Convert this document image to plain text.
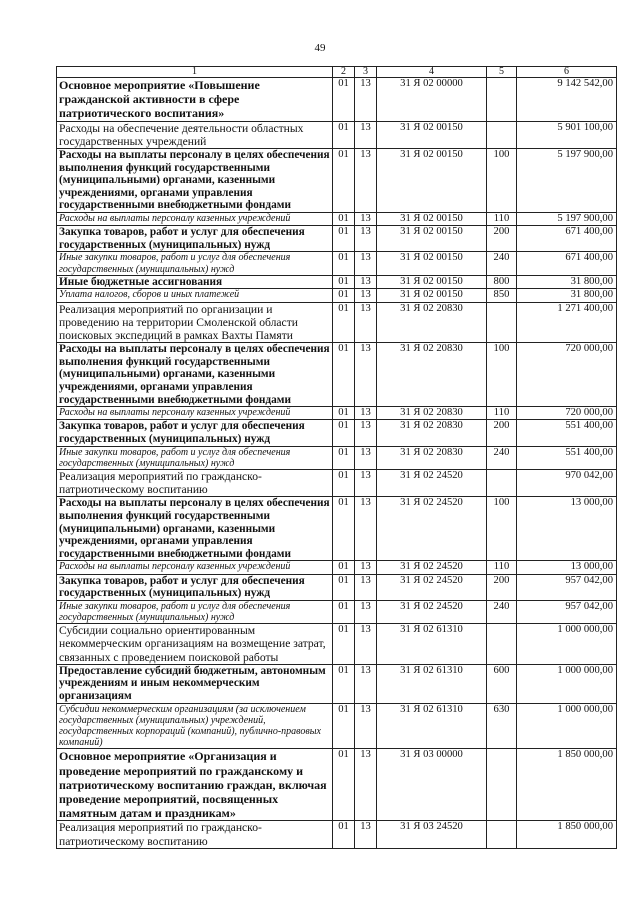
49
1	2	3	4	5	6
Основное мероприятие «Повышение гражданской активности в сфере патриотического воспитания»	01	13	31 Я 02 00000		9 142 542,00
Расходы на обеспечение деятельности областных государственных учреждений	01	13	31 Я 02 00150		5 901 100,00
Расходы на выплаты персоналу в целях обеспечения выполнения функций государственными (муниципальными) органами, казенными учреждениями, органами управления государственными внебюджетными фондами	01	13	31 Я 02 00150	100	5 197 900,00
Расходы на выплаты персоналу казенных учреждений	01	13	31 Я 02 00150	110	5 197 900,00
Закупка товаров, работ и услуг для обеспечения государственных (муниципальных) нужд	01	13	31 Я 02 00150	200	671 400,00
Иные закупки товаров, работ и услуг для обеспечения государственных (муниципальных) нужд	01	13	31 Я 02 00150	240	671 400,00
Иные бюджетные ассигнования	01	13	31 Я 02 00150	800	31 800,00
Уплата налогов, сборов и иных платежей	01	13	31 Я 02 00150	850	31 800,00
Реализация мероприятий по организации и проведению на территории Смоленской области поисковых экспедиций в рамках Вахты Памяти	01	13	31 Я 02 20830		1 271 400,00
Расходы на выплаты персоналу в целях обеспечения выполнения функций государственными (муниципальными) органами, казенными учреждениями, органами управления государственными внебюджетными фондами	01	13	31 Я 02 20830	100	720 000,00
Расходы на выплаты персоналу казенных учреждений	01	13	31 Я 02 20830	110	720 000,00
Закупка товаров, работ и услуг для обеспечения государственных (муниципальных) нужд	01	13	31 Я 02 20830	200	551 400,00
Иные закупки товаров, работ и услуг для обеспечения государственных (муниципальных) нужд	01	13	31 Я 02 20830	240	551 400,00
Реализация мероприятий по гражданско-патриотическому воспитанию	01	13	31 Я 02 24520		970 042,00
Расходы на выплаты персоналу в целях обеспечения выполнения функций государственными (муниципальными) органами, казенными учреждениями, органами управления государственными внебюджетными фондами	01	13	31 Я 02 24520	100	13 000,00
Расходы на выплаты персоналу казенных учреждений	01	13	31 Я 02 24520	110	13 000,00
Закупка товаров, работ и услуг для обеспечения государственных (муниципальных) нужд	01	13	31 Я 02 24520	200	957 042,00
Иные закупки товаров, работ и услуг для обеспечения государственных (муниципальных) нужд	01	13	31 Я 02 24520	240	957 042,00
Субсидии социально ориентированным некоммерческим организациям на возмещение затрат, связанных с проведением поисковой работы	01	13	31 Я 02 61310		1 000 000,00
Предоставление субсидий бюджетным, автономным учреждениям и иным некоммерческим организациям	01	13	31 Я 02 61310	600	1 000 000,00
Субсидии некоммерческим организациям (за исключением государственных (муниципальных) учреждений, государственных корпораций (компаний), публично-правовых компаний)	01	13	31 Я 02 61310	630	1 000 000,00
Основное мероприятие «Организация и проведение мероприятий по гражданскому и патриотическому воспитанию граждан, включая проведение мероприятий, посвященных памятным датам и праздникам»	01	13	31 Я 03 00000		1 850 000,00
Реализация мероприятий по гражданско-патриотическому воспитанию	01	13	31 Я 03 24520		1 850 000,00
